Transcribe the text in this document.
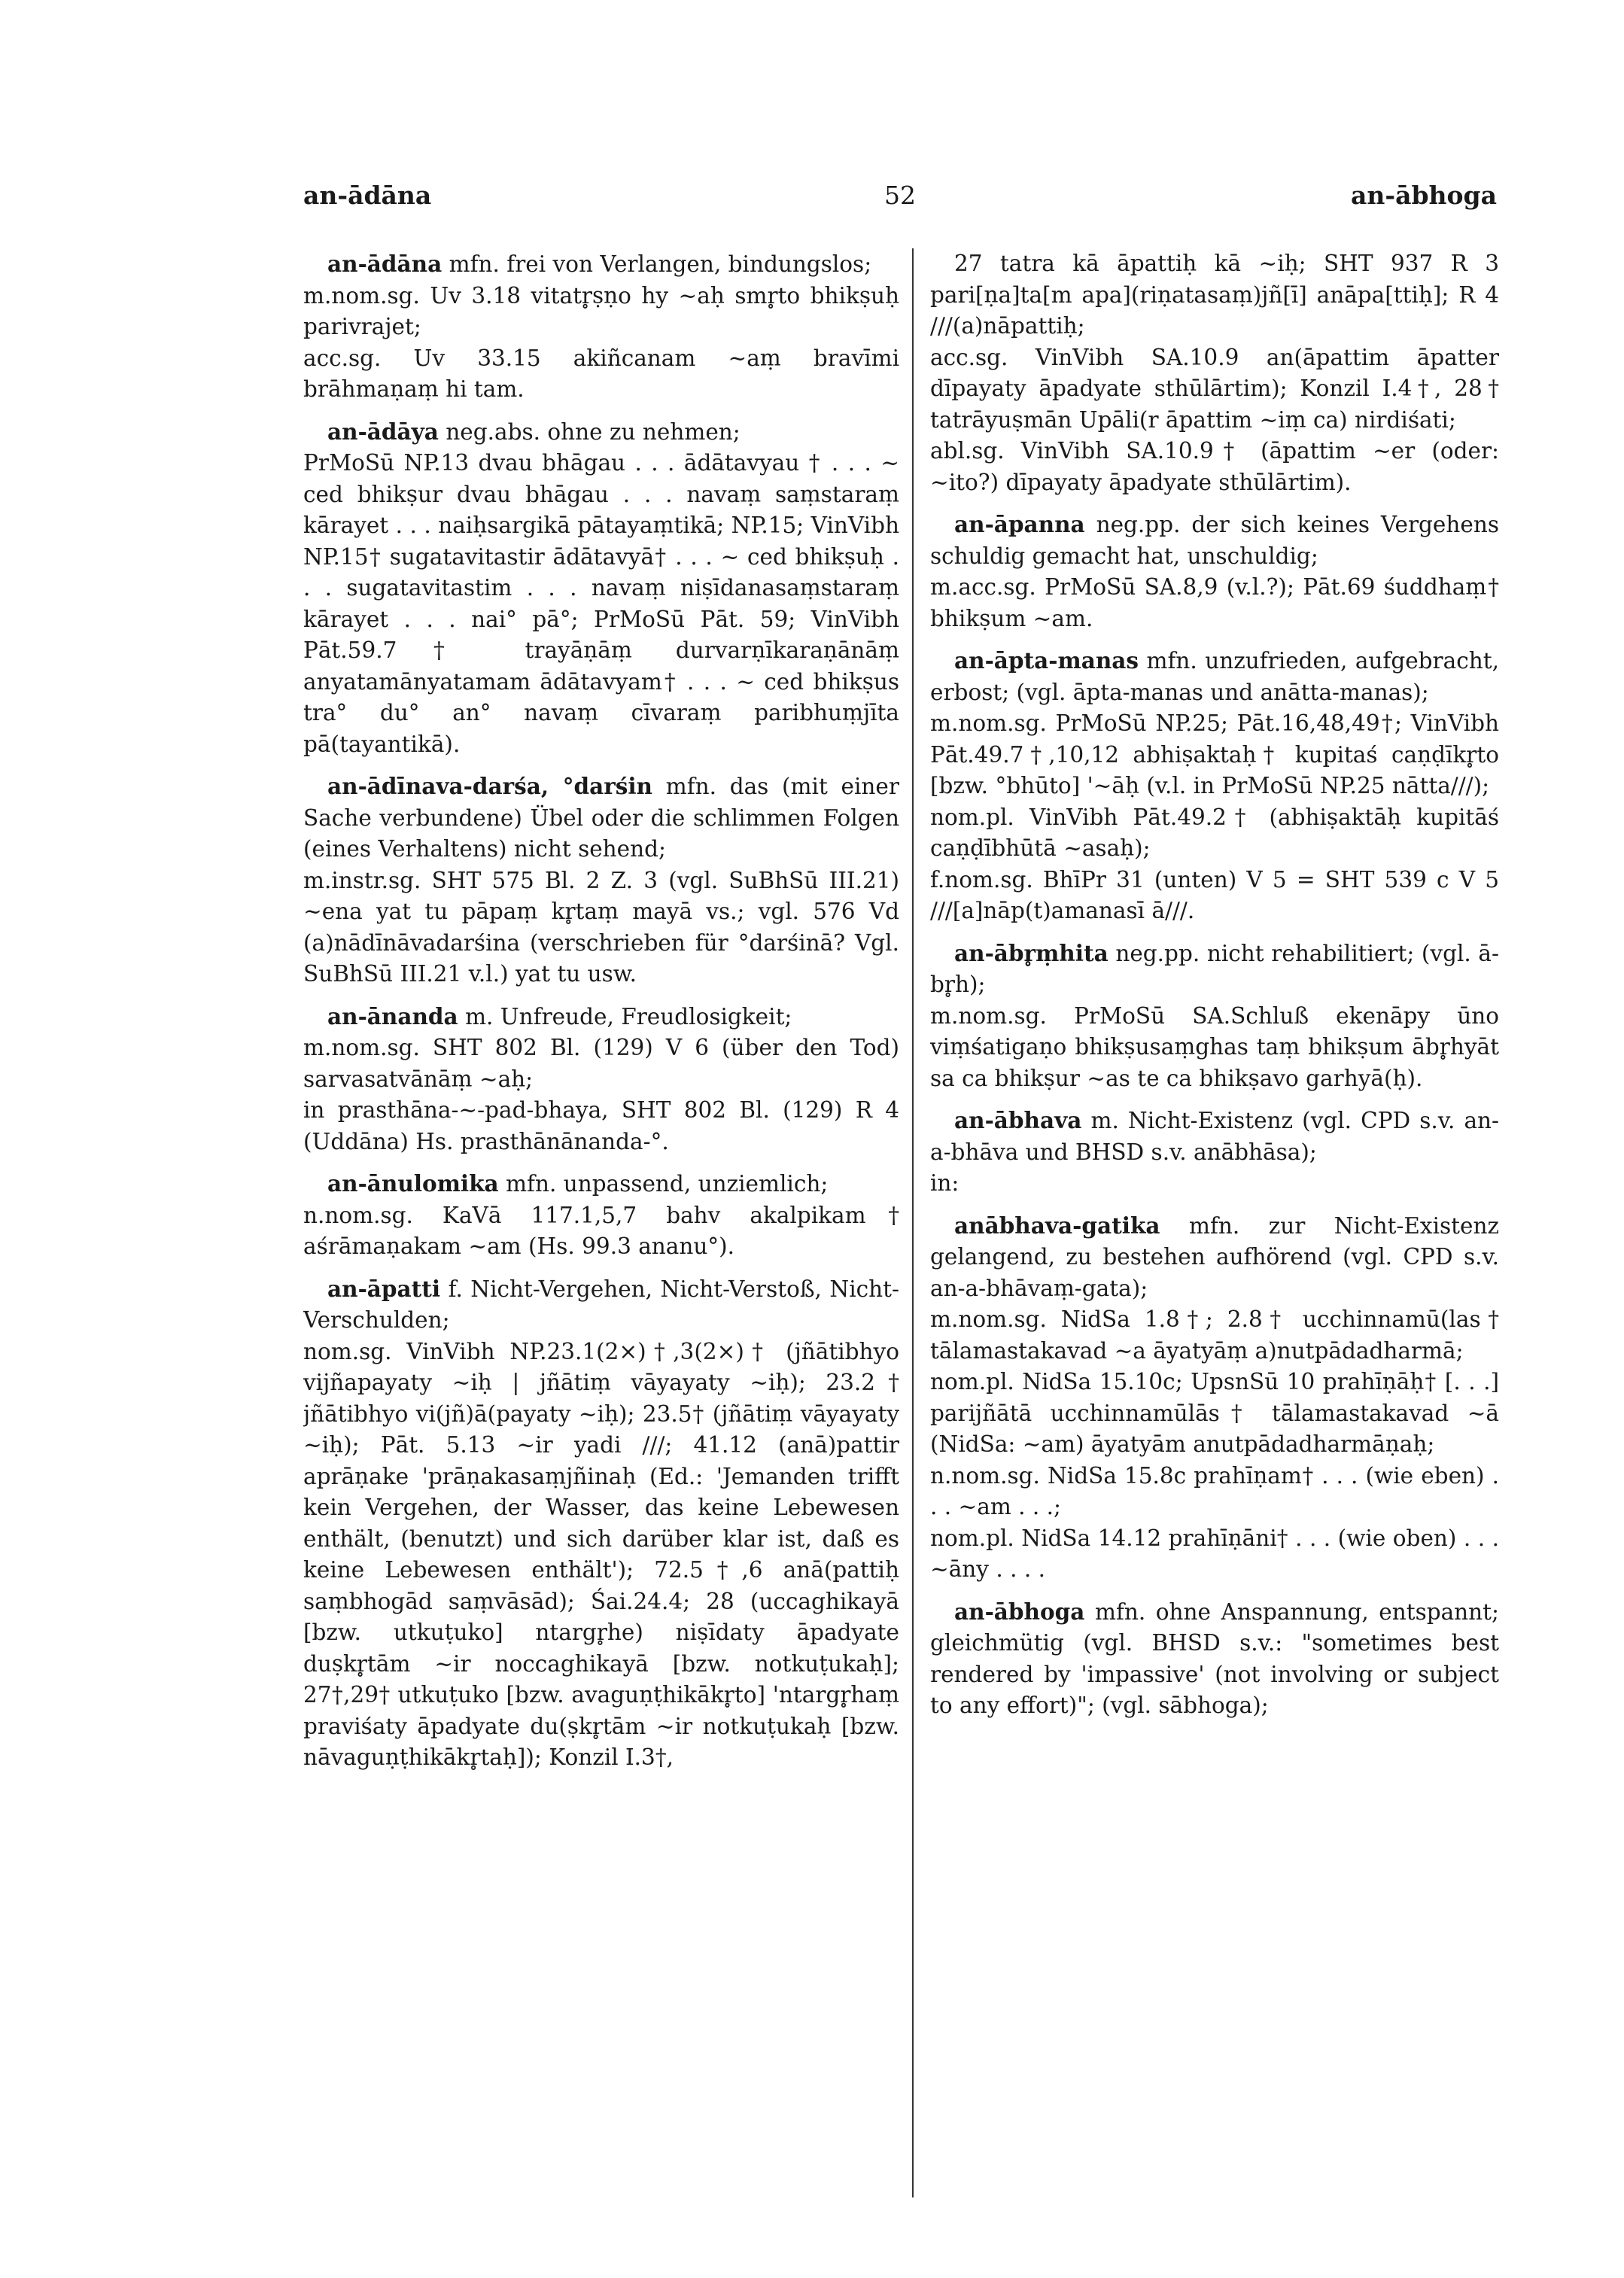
an-ādāna	52	an-ābhoga

an-ādāna mfn. frei von Verlangen, bindungslos;

m.nom.sg. Uv 3.18 vitatr̥ṣṇo hy ~aḥ smr̥to bhikṣuḥ parivrajet;

acc.sg. Uv 33.15 akiñcanam ~aṃ bravīmi brāhmaṇaṃ hi tam.

an-ādāya neg.abs. ohne zu nehmen;

PrMoSū NP.13 dvau bhāgau . . . ādātavyau † . . . ~ ced bhikṣur dvau bhāgau . . . navaṃ saṃstaraṃ kārayet . . . naiḥsargikā pātayaṃtikā; NP.15; VinVibh NP.15† sugatavitastir ādātavyā† . . . ~ ced bhikṣuḥ . . . sugatavitastim . . . navaṃ niṣīdanasaṃstaraṃ kārayet . . . nai° pā°; PrMoSū Pāt. 59; VinVibh Pāt.59.7† trayāṇāṃ durvarṇīkaraṇānāṃ anyatamānyatamam ādātavyam† . . . ~ ced bhikṣus tra° du° an° navaṃ cīvaraṃ paribhuṃjīta pā(tayantikā).

an-ādīnava-darśa, °darśin mfn. das (mit einer Sache verbundene) Übel oder die schlimmen Folgen (eines Verhaltens) nicht sehend;

m.instr.sg. SHT 575 Bl. 2 Z. 3 (vgl. SuBhSū III.21) ~ena yat tu pāpaṃ kr̥taṃ mayā vs.; vgl. 576 Vd (a)nādīnāvadarśina (verschrieben für °darśinā? Vgl. SuBhSū III.21 v.l.) yat tu usw.

an-ānanda m. Unfreude, Freudlosigkeit;

m.nom.sg. SHT 802 Bl. (129) V 6 (über den Tod) sarvasatvānāṃ ~aḥ;

in prasthāna-~-pad-bhaya, SHT 802 Bl. (129) R 4 (Uddāna) Hs. prasthānānanda-°.

an-ānulomika mfn. unpassend, unziemlich;

n.nom.sg. KaVā 117.1,5,7 bahv akalpikam† aśrāmaṇakam ~am (Hs. 99.3 ananu°).

an-āpatti f. Nicht-Vergehen, Nicht-Verstoß, Nicht-Verschulden;

nom.sg. VinVibh NP.23.1(2×)†,3(2×)† (jñātibhyo vijñapayaty ~iḥ | jñātiṃ vāyayaty ~iḥ); 23.2† jñātibhyo vi(jñ)ā(payaty ~iḥ); 23.5† (jñātiṃ vāyayaty ~iḥ); Pāt. 5.13 ~ir yadi ///; 41.12 (anā)pattir aprāṇake 'prāṇakasaṃjñinaḥ (Ed.: 'Jemanden trifft kein Vergehen, der Wasser, das keine Lebewesen enthält, (benutzt) und sich darüber klar ist, daß es keine Lebewesen enthält'); 72.5†,6 anā(pattiḥ saṃbhogād saṃvāsād); Śai.24.4; 28 (uccaghikayā [bzw. utkuṭuko] ntargr̥he) niṣīdaty āpadyate duṣkr̥tām ~ir noccaghikayā [bzw. notkuṭukaḥ]; 27†,29† utkuṭuko [bzw. avaguṇṭhikākr̥to] 'ntargr̥haṃ praviśaty āpadyate du(ṣkr̥tām ~ir notkuṭukaḥ [bzw. nāvaguṇṭhikākr̥taḥ]); Konzil I.3†,

27 tatra kā āpattiḥ kā ~iḥ; SHT 937 R 3 pari[ṇa]ta[m apa](riṇatasaṃ)jñ[ī] anāpa[ttiḥ]; R 4 ///(a)nāpattiḥ;

acc.sg. VinVibh SA.10.9 an(āpattim āpatter dīpayaty āpadyate sthūlārtim); Konzil I.4†, 28† tatrāyuṣmān Upāli(r āpattim ~iṃ ca) nirdiśati;

abl.sg. VinVibh SA.10.9† (āpattim ~er (oder: ~ito?) dīpayaty āpadyate sthūlārtim).

an-āpanna neg.pp. der sich keines Vergehens schuldig gemacht hat, unschuldig;

m.acc.sg. PrMoSū SA.8,9 (v.l.?); Pāt.69 śuddhaṃ† bhikṣum ~am.

an-āpta-manas mfn. unzufrieden, aufgebracht, erbost; (vgl. āpta-manas und anātta-manas);

m.nom.sg. PrMoSū NP.25; Pāt.16,48,49†; VinVibh Pāt.49.7†,10,12 abhiṣaktaḥ† kupitaś caṇḍīkr̥to [bzw. °bhūto] '~āḥ (v.l. in PrMoSū NP.25 nātta///);

nom.pl. VinVibh Pāt.49.2† (abhiṣaktāḥ kupitāś caṇḍībhūtā ~asaḥ);

f.nom.sg. BhīPr 31 (unten) V 5 = SHT 539 c V 5 ///[a]nāp(t)amanasī ā///.

an-ābr̥ṃhita neg.pp. nicht rehabilitiert; (vgl. ā-br̥h);

m.nom.sg. PrMoSū SA.Schluß ekenāpy ūno viṃśatigaṇo bhikṣusaṃghas taṃ bhikṣum ābr̥hyāt sa ca bhikṣur ~as te ca bhikṣavo garhyā(ḥ).

an-ābhava m. Nicht-Existenz (vgl. CPD s.v. an-a-bhāva und BHSD s.v. anābhāsa);

in:

anābhava-gatika mfn. zur Nicht-Existenz gelangend, zu bestehen aufhörend (vgl. CPD s.v. an-a-bhāvaṃ-gata);

m.nom.sg. NidSa 1.8†; 2.8† ucchinnamū(las† tālamastakavad ~a āyatyāṃ a)nutpādadharmā;

nom.pl. NidSa 15.10c; UpsnSū 10 prahīṇāḥ† [. . .] parijñātā ucchinnamūlās† tālamastakavad ~ā (NidSa: ~am) āyatyām anutpādadharmāṇaḥ;

n.nom.sg. NidSa 15.8c prahīṇam† . . . (wie eben) . . . ~am . . .;

nom.pl. NidSa 14.12 prahīṇāni† . . . (wie oben) . . . ~āny . . . .

an-ābhoga mfn. ohne Anspannung, entspannt; gleichmütig (vgl. BHSD s.v.: "sometimes best rendered by 'impassive' (not involving or subject to any effort)"; (vgl. sābhoga);
